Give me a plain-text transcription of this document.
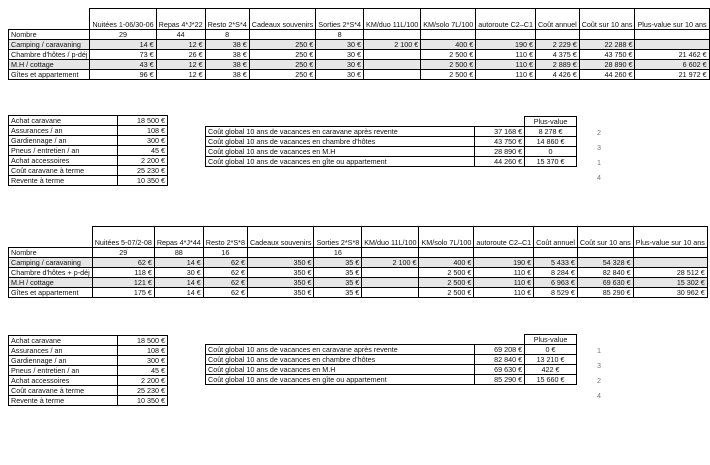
	Nuitées 1-06/30-06	Repas 4*J*22	Resto 2*S*4	Cadeaux souvenirs	Sorties 2*S*4	KM/duo 11L/100	KM/solo 7L/100	autoroute C2–C1	Coût annuel	Coût sur 10 ans	Plus-value sur 10 ans
Nombre	29	44	8		8						
Camping / caravaning	14 €	12 €	38 €	250 €	30 €	2 100 €	400 €	190 €	2 229 €	22 288 €	
Chambre d'hôtes / p-déj	73 €	26 €	38 €	250 €	30 €		2 500 €	110 €	4 375 €	43 750 €	21 462 €
M.H / cottage	43 €	12 €	38 €	250 €	30 €		2 500 €	110 €	2 889 €	28 890 €	6 602 €
Gîtes et appartement	96 €	12 €	38 €	250 €	30 €		2 500 €	110 €	4 426 €	44 260 €	21 972 €
Achat caravane	18 500 €
Assurances / an	108 €
Gardiennage / an	300 €
Pneus / entretien / an	45 €
Achat accessoires	2 200 €
Coût caravane à terme	25 230 €
Revente à terme	10 350 €
		Plus-value
Coût global 10 ans de vacances en caravane après revente	37 168 €	8 278 €
Coût global 10 ans de vacances en chambre d'hôtes	43 750 €	14 860 €
Coût global 10 ans de vacances en M.H	28 890 €	0
Coût global 10 ans de vacances en gîte ou appartement	44 260 €	15 370 €
2
3
1
4
	Nuitées 5-07/2-08	Repas 4*J*44	Resto 2*S*8	Cadeaux souvenirs	Sorties 2*S*8	KM/duo 11L/100	KM/solo 7L/100	autoroute C2–C1	Coût annuel	Coût sur 10 ans	Plus-value sur 10 ans
Nombre	29	88	16		16						
Camping / caravaning	62 €	14 €	62 €	350 €	35 €	2 100 €	400 €	190 €	5 433 €	54 328 €	
Chambre d'hôtes + p-déj	118 €	30 €	62 €	350 €	35 €		2 500 €	110 €	8 284 €	82 840 €	28 512 €
M.H / cottage	121 €	14 €	62 €	350 €	35 €		2 500 €	110 €	6 963 €	69 630 €	15 302 €
Gîtes et appartement	175 €	14 €	62 €	350 €	35 €		2 500 €	110 €	8 529 €	85 290 €	30 962 €
Achat caravane	18 500 €
Assurances / an	108 €
Gardiennage / an	300 €
Pneus / entretien / an	45 €
Achat accessoires	2 200 €
Coût caravane à terme	25 230 €
Revente à terme	10 350 €
		Plus-value
Coût global 10 ans de vacances en caravane après revente	69 208 €	0 €
Coût global 10 ans de vacances en chambre d'hôtes	82 840 €	13 210 €
Coût global 10 ans de vacances en M.H	69 630 €	422 €
Coût global 10 ans de vacances en gîte ou appartement	85 290 €	15 660 €
1
3
2
4
